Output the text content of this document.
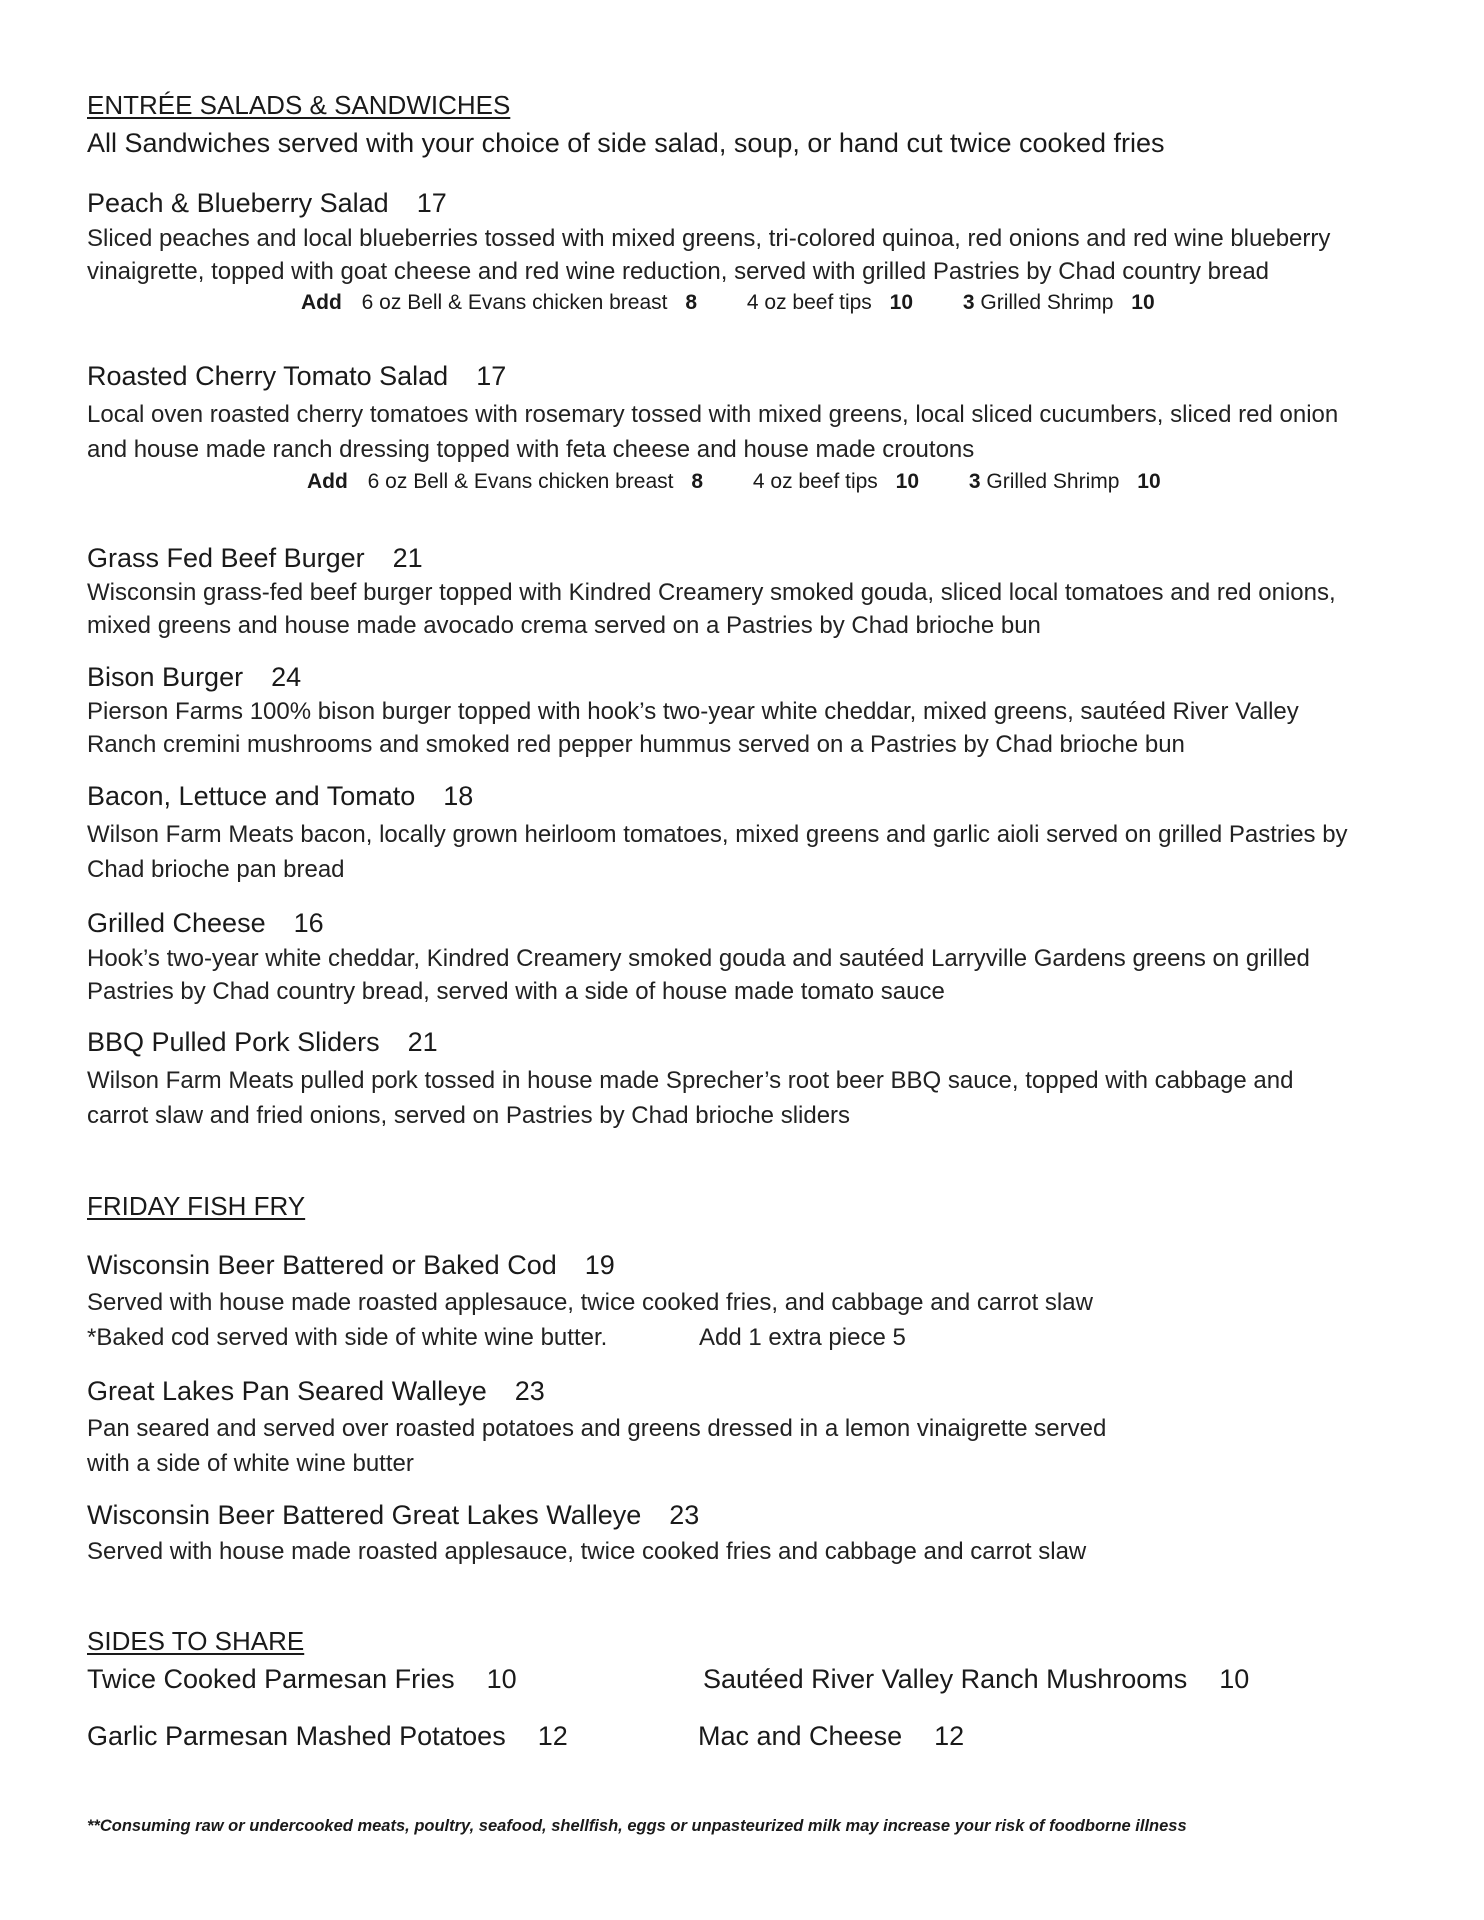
ENTRÉE SALADS & SANDWICHES
All Sandwiches served with your choice of side salad, soup, or hand cut twice cooked fries
Peach & Blueberry Salad 17
Sliced peaches and local blueberries tossed with mixed greens, tri-colored quinoa, red onions and red wine blueberry
vinaigrette, topped with goat cheese and red wine reduction, served with grilled Pastries by Chad country bread
Add 6 oz Bell & Evans chicken breast 8 4 oz beef tips 10 3 Grilled Shrimp 10
Roasted Cherry Tomato Salad 17
Local oven roasted cherry tomatoes with rosemary tossed with mixed greens, local sliced cucumbers, sliced red onion
and house made ranch dressing topped with feta cheese and house made croutons
Add 6 oz Bell & Evans chicken breast 8 4 oz beef tips 10 3 Grilled Shrimp 10
Grass Fed Beef Burger 21
Wisconsin grass-fed beef burger topped with Kindred Creamery smoked gouda, sliced local tomatoes and red onions,
mixed greens and house made avocado crema served on a Pastries by Chad brioche bun
Bison Burger 24
Pierson Farms 100% bison burger topped with hook’s two-year white cheddar, mixed greens, sautéed River Valley
Ranch cremini mushrooms and smoked red pepper hummus served on a Pastries by Chad brioche bun
Bacon, Lettuce and Tomato 18
Wilson Farm Meats bacon, locally grown heirloom tomatoes, mixed greens and garlic aioli served on grilled Pastries by
Chad brioche pan bread
Grilled Cheese 16
Hook’s two-year white cheddar, Kindred Creamery smoked gouda and sautéed Larryville Gardens greens on grilled
Pastries by Chad country bread, served with a side of house made tomato sauce
BBQ Pulled Pork Sliders 21
Wilson Farm Meats pulled pork tossed in house made Sprecher’s root beer BBQ sauce, topped with cabbage and
carrot slaw and fried onions, served on Pastries by Chad brioche sliders
FRIDAY FISH FRY
Wisconsin Beer Battered or Baked Cod 19
Served with house made roasted applesauce, twice cooked fries, and cabbage and carrot slaw
*Baked cod served with side of white wine butter.	Add 1 extra piece 5
Great Lakes Pan Seared Walleye 23
Pan seared and served over roasted potatoes and greens dressed in a lemon vinaigrette served
with a side of white wine butter
Wisconsin Beer Battered Great Lakes Walleye 23
Served with house made roasted applesauce, twice cooked fries and cabbage and carrot slaw
SIDES TO SHARE
Twice Cooked Parmesan Fries 10	Sautéed River Valley Ranch Mushrooms 10
Garlic Parmesan Mashed Potatoes 12	Mac and Cheese 12
**Consuming raw or undercooked meats, poultry, seafood, shellfish, eggs or unpasteurized milk may increase your risk of foodborne illness
